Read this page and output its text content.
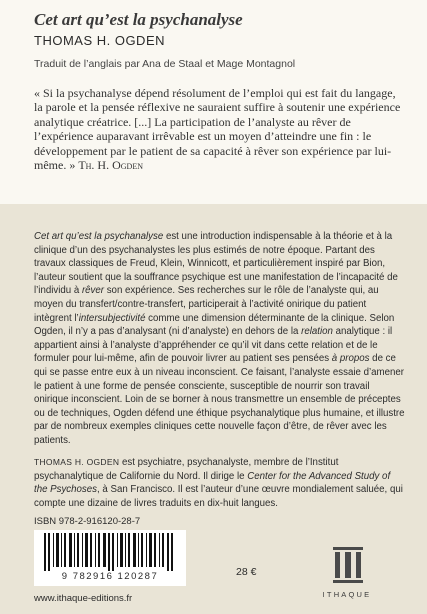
Cet art qu’est la psychanalyse
THOMAS H. OGDEN
Traduit de l’anglais par Ana de Staal et Mage Montagnol

« Si la psychanalyse dépend résolument de l’emploi qui est fait du langage, la parole et la pensée réflexive ne sauraient suffire à soutenir une expérience analytique créatrice. [...] La participation de l’analyste au rêver de l’expérience auparavant irrêvable est un moyen d’atteindre une fin : le développement par le patient de sa capacité à rêver son expérience par lui-même. » Th. H. Ogden

Cet art qu’est la psychanalyse est une introduction indispensable à la théorie et à la clinique d’un des psychanalystes les plus estimés de notre époque. Partant des travaux classiques de Freud, Klein, Winnicott, et particulièrement inspiré par Bion, l’auteur soutient que la souffrance psychique est une manifestation de l’incapacité de l’individu à rêver son expérience. Ses recherches sur le rôle de l’analyste qui, au moyen du transfert/contre-transfert, participerait à l’activité onirique du patient intègrent l’intersubjectivité comme une dimension déterminante de la clinique. Selon Ogden, il n’y a pas d’analysant (ni d’analyste) en dehors de la relation analytique : il appartient ainsi à l’analyste d’appréhender ce qu’il vit dans cette relation et de le formuler pour lui-même, afin de pouvoir livrer au patient ses pensées à propos de ce qui se passe entre eux à un niveau inconscient. Ce faisant, l’analyste essaie d’amener le patient à une forme de pensée consciente, susceptible de nourrir son travail onirique inconscient. Loin de se borner à nous transmettre un ensemble de préceptes ou de techniques, Ogden défend une éthique psychanalytique plus humaine, et illustre par de nombreux exemples cliniques cette nouvelle façon d’être, de rêver avec les patients.

THOMAS H. OGDEN est psychiatre, psychanalyste, membre de l’Institut psychanalytique de Californie du Nord. Il dirige le Center for the Advanced Study of the Psychoses, à San Francisco. Il est l’auteur d’une œuvre mondialement saluée, qui compte une dizaine de livres traduits en dix-huit langues.

ISBN 978-2-916120-28-7
9 782916 120287	28 €
www.ithaque-editions.fr	ITHAQUE
